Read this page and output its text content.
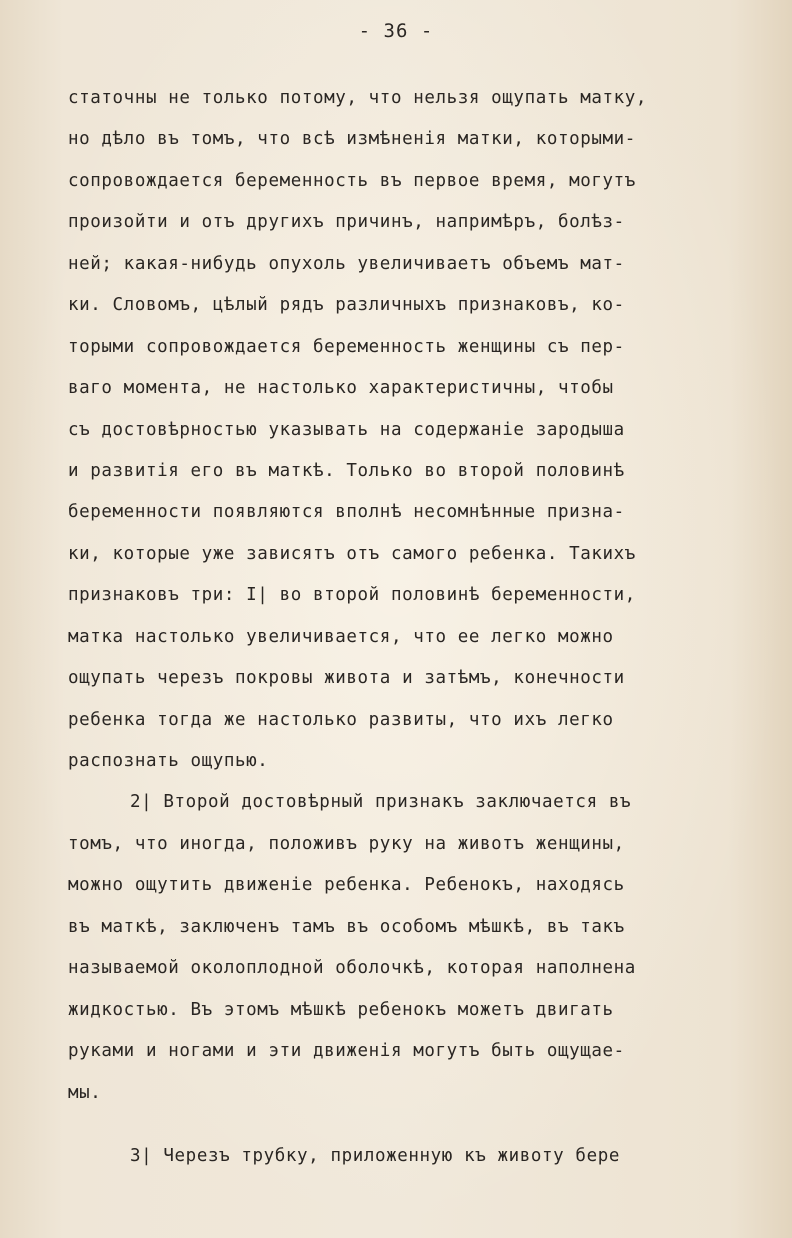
- 36 -
статочны не только потому, что нельзя ощупать матку,
но дѣло въ томъ, что всѣ измѣненія матки, которыми-
сопровождается беременность въ первое время, могутъ
произойти и отъ другихъ причинъ, напримѣръ, болѣз-
ней; какая-нибудь опухоль увеличиваетъ объемъ мат-
ки. Словомъ, цѣлый рядъ различныхъ признаковъ, ко-
торыми сопровождается беременность женщины съ пер-
ваго момента, не настолько характеристичны, чтобы
съ достовѣрностью указывать на содержаніе зародыша
и развитія его въ маткѣ. Только во второй половинѣ
беременности появляются вполнѣ несомнѣнные призна-
ки, которые уже зависятъ отъ самого ребенка. Такихъ
признаковъ три: I| во второй половинѣ беременности,
матка настолько увеличивается, что ее легко можно
ощупать черезъ покровы живота и затѣмъ, конечности
ребенка тогда же настолько развиты, что ихъ легко
распознать ощупью.
2| Второй достовѣрный признакъ заключается въ
томъ, что иногда, положивъ руку на животъ женщины,
можно ощутить движеніе ребенка. Ребенокъ, находясь
въ маткѣ, заключенъ тамъ въ особомъ мѣшкѣ, въ такъ
называемой околоплодной оболочкѣ, которая наполнена
жидкостью. Въ этомъ мѣшкѣ ребенокъ можетъ двигать
руками и ногами и эти движенія могутъ быть ощущае-
мы.
3| Черезъ трубку, приложенную къ животу бере
